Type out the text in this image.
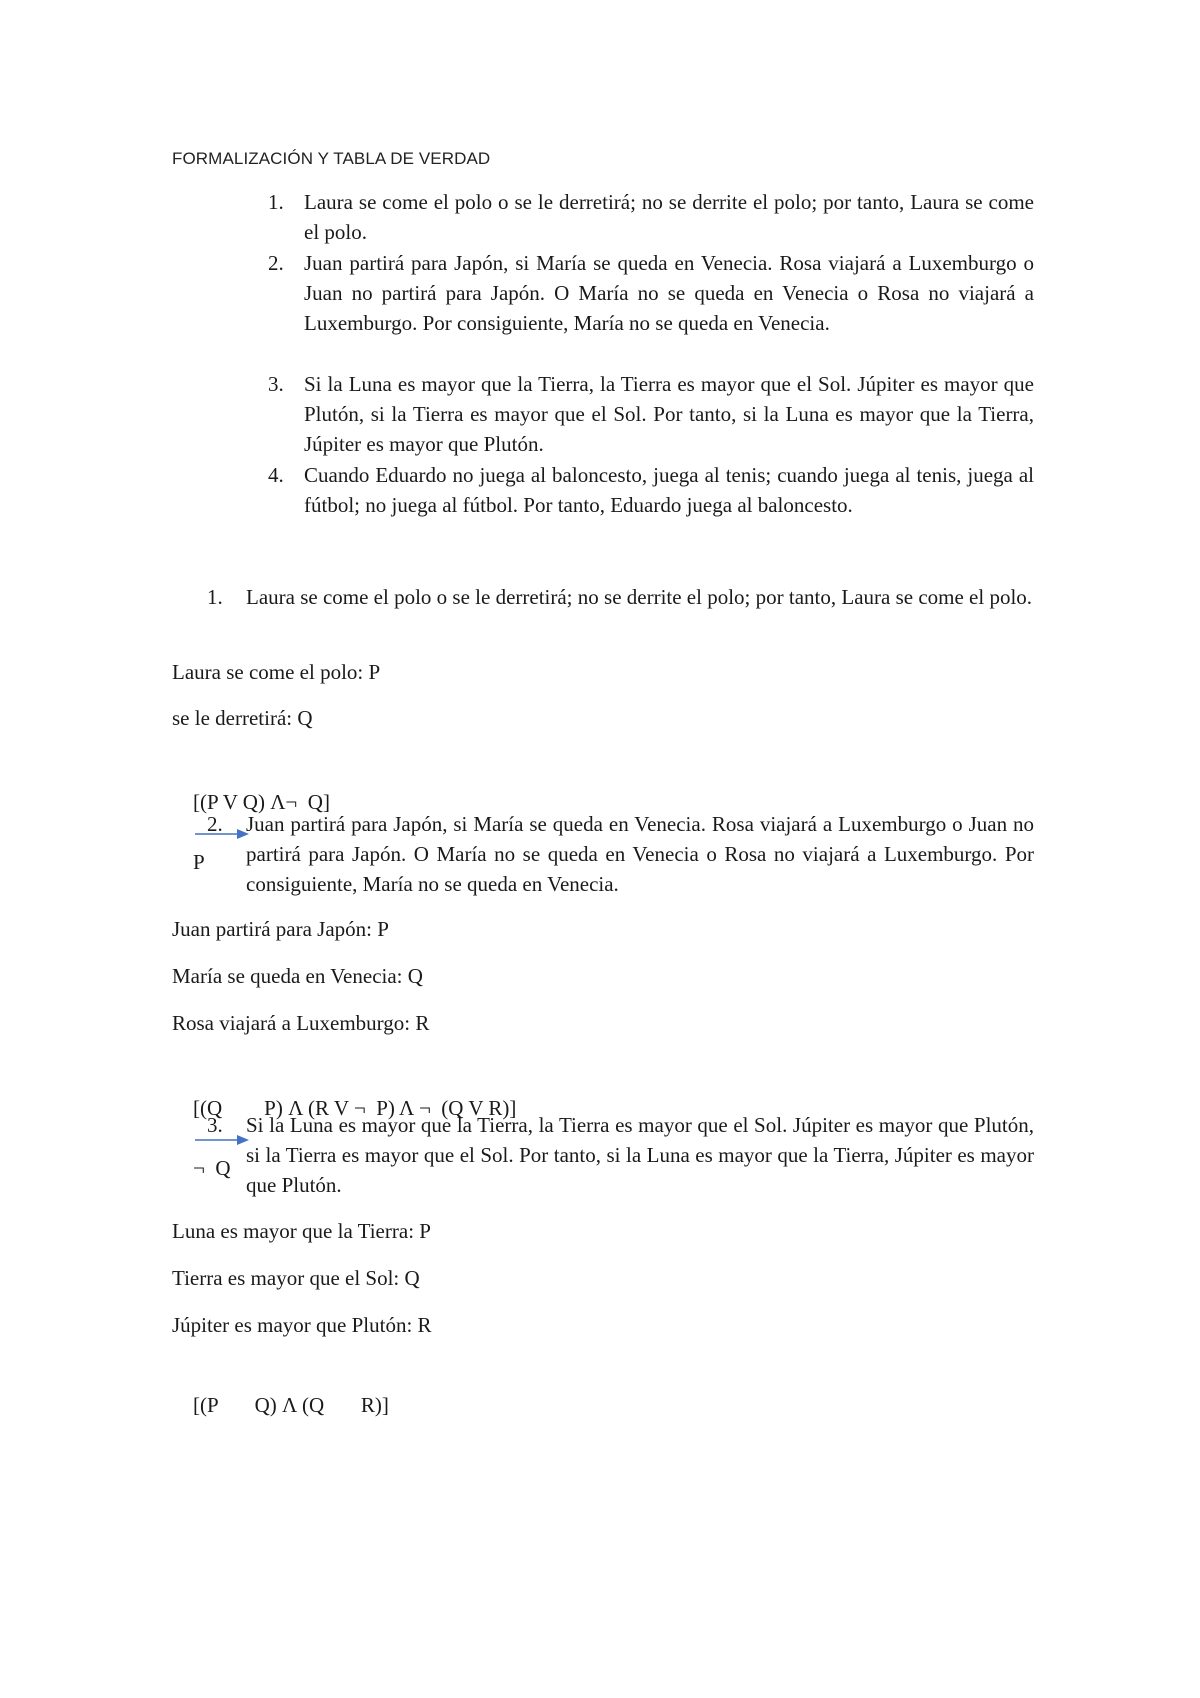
FORMALIZACIÓN Y TABLA DE VERDAD
1. Laura se come el polo o se le derretirá; no se derrite el polo; por tanto, Laura se come el polo.
2. Juan partirá para Japón, si María se queda en Venecia. Rosa viajará a Luxemburgo o Juan no partirá para Japón. O María no se queda en Venecia o Rosa no viajará a Luxemburgo. Por consiguiente, María no se queda en Venecia.
3. Si la Luna es mayor que la Tierra, la Tierra es mayor que el Sol. Júpiter es mayor que Plutón, si la Tierra es mayor que el Sol. Por tanto, si la Luna es mayor que la Tierra, Júpiter es mayor que Plutón.
4. Cuando Eduardo no juega al baloncesto, juega al tenis; cuando juega al tenis, juega al fútbol; no juega al fútbol. Por tanto, Eduardo juega al baloncesto.
1. Laura se come el polo o se le derretirá; no se derrite el polo; por tanto, Laura se come el polo.
Laura se come el polo: P
se le derretirá: Q

[(P V Q) Λ¬  Q]

P

2. Juan partirá para Japón, si María se queda en Venecia. Rosa viajará a Luxemburgo o Juan no partirá para Japón. O María no se queda en Venecia o Rosa no viajará a Luxemburgo. Por consiguiente, María no se queda en Venecia.
Juan partirá para Japón: P
María se queda en Venecia: Q
Rosa viajará a Luxemburgo: R

[(Q        P) Λ (R V ¬  P) Λ ¬  (Q V R)]

¬  Q

3. Si la Luna es mayor que la Tierra, la Tierra es mayor que el Sol. Júpiter es mayor que Plutón, si la Tierra es mayor que el Sol. Por tanto, si la Luna es mayor que la Tierra, Júpiter es mayor que Plutón.
Luna es mayor que la Tierra: P
Tierra es mayor que el Sol: Q
Júpiter es mayor que Plutón: R

[(P       Q) Λ (Q       R)]
